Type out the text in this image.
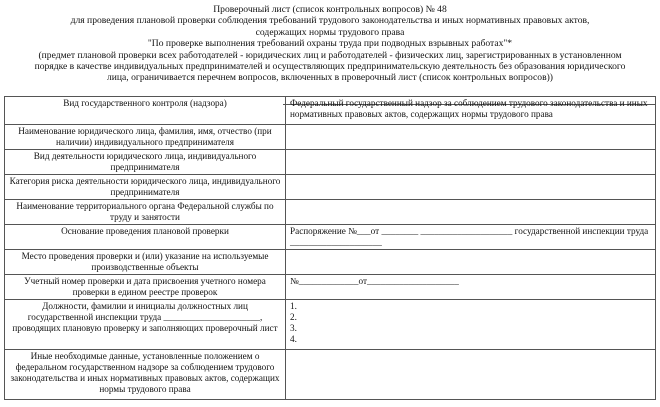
Проверочный лист (список контрольных вопросов) № 48
для проведения плановой проверки соблюдения требований трудового законодательства и иных нормативных правовых актов,
содержащих нормы трудового права
"По проверке выполнения требований охраны труда при подводных взрывных работах"*
(предмет плановой проверки всех работодателей - юридических лиц и работодателей - физических лиц, зарегистрированных в установленном порядке в качестве индивидуальных предпринимателей и осуществляющих предпринимательскую деятельность без образования юридического лица, ограничивается перечнем вопросов, включенных в проверочный лист (список контрольных вопросов))
Вид государственного контроля (надзора)	Федеральный государственный надзор за соблюдением трудового законодательства и иных нормативных правовых актов, содержащих нормы трудового права
Наименование юридического лица, фамилия, имя, отчество (при наличии) индивидуального предпринимателя	
Вид деятельности юридического лица, индивидуального предпринимателя	
Категория риска деятельности юридического лица, индивидуального предпринимателя	
Наименование территориального органа Федеральной службы по труду и занятости	
Основание проведения плановой проверки	Распоряжение №___от ________ ____________________ государственной инспекции труда ____________________
Место проведения проверки и (или) указание на используемые производственные объекты	
Учетный номер проверки и дата присвоения учетного номера проверки в едином реестре проверок	№_____________от____________________
Должности, фамилии и инициалы должностных лиц государственной инспекции труда _____________________, проводящих плановую проверку и заполняющих проверочный лист	1.
2.
3.
4.

Иные необходимые данные, установленные положением о федеральном государственном надзоре за соблюдением трудового законодательства и иных нормативных правовых актов, содержащих нормы трудового права	
